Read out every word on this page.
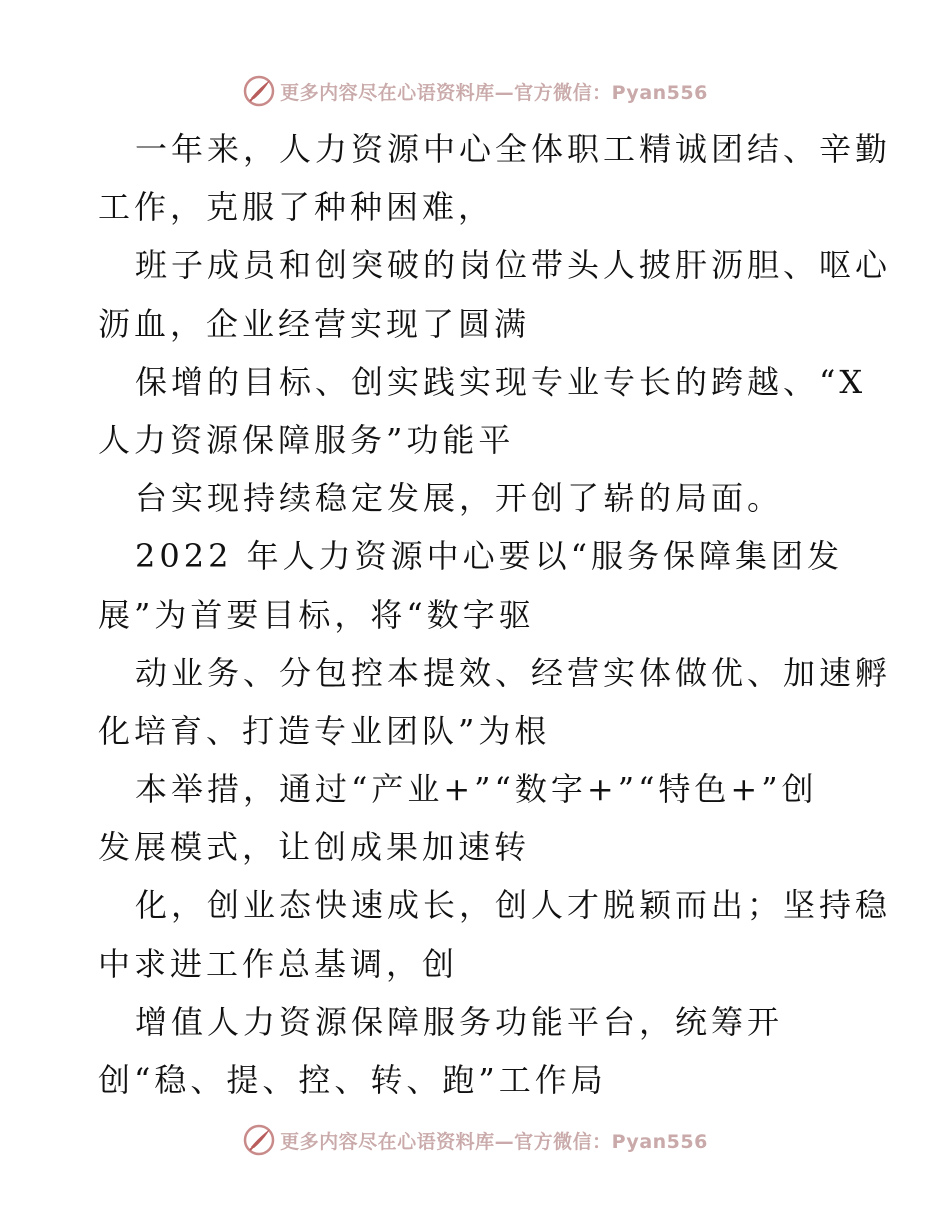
更多内容尽在心语资料库—官方微信：Pyan556
一年来，人力资源中心全体职工精诚团结、辛勤
工作，克服了种种困难，
班子成员和创突破的岗位带头人披肝沥胆、呕心
沥血，企业经营实现了圆满
保增的目标、创实践实现专业专长的跨越、“X
人力资源保障服务”功能平
台实现持续稳定发展，开创了崭的局面。
2022 年人力资源中心要以“服务保障集团发
展”为首要目标，将“数字驱
动业务、分包控本提效、经营实体做优、加速孵
化培育、打造专业团队”为根
本举措，通过“产业+”“数字+”“特色+”创
发展模式，让创成果加速转
化，创业态快速成长，创人才脱颖而出；坚持稳
中求进工作总基调，创
增值人力资源保障服务功能平台，统筹开
创“稳、提、控、转、跑”工作局
更多内容尽在心语资料库—官方微信：Pyan556
